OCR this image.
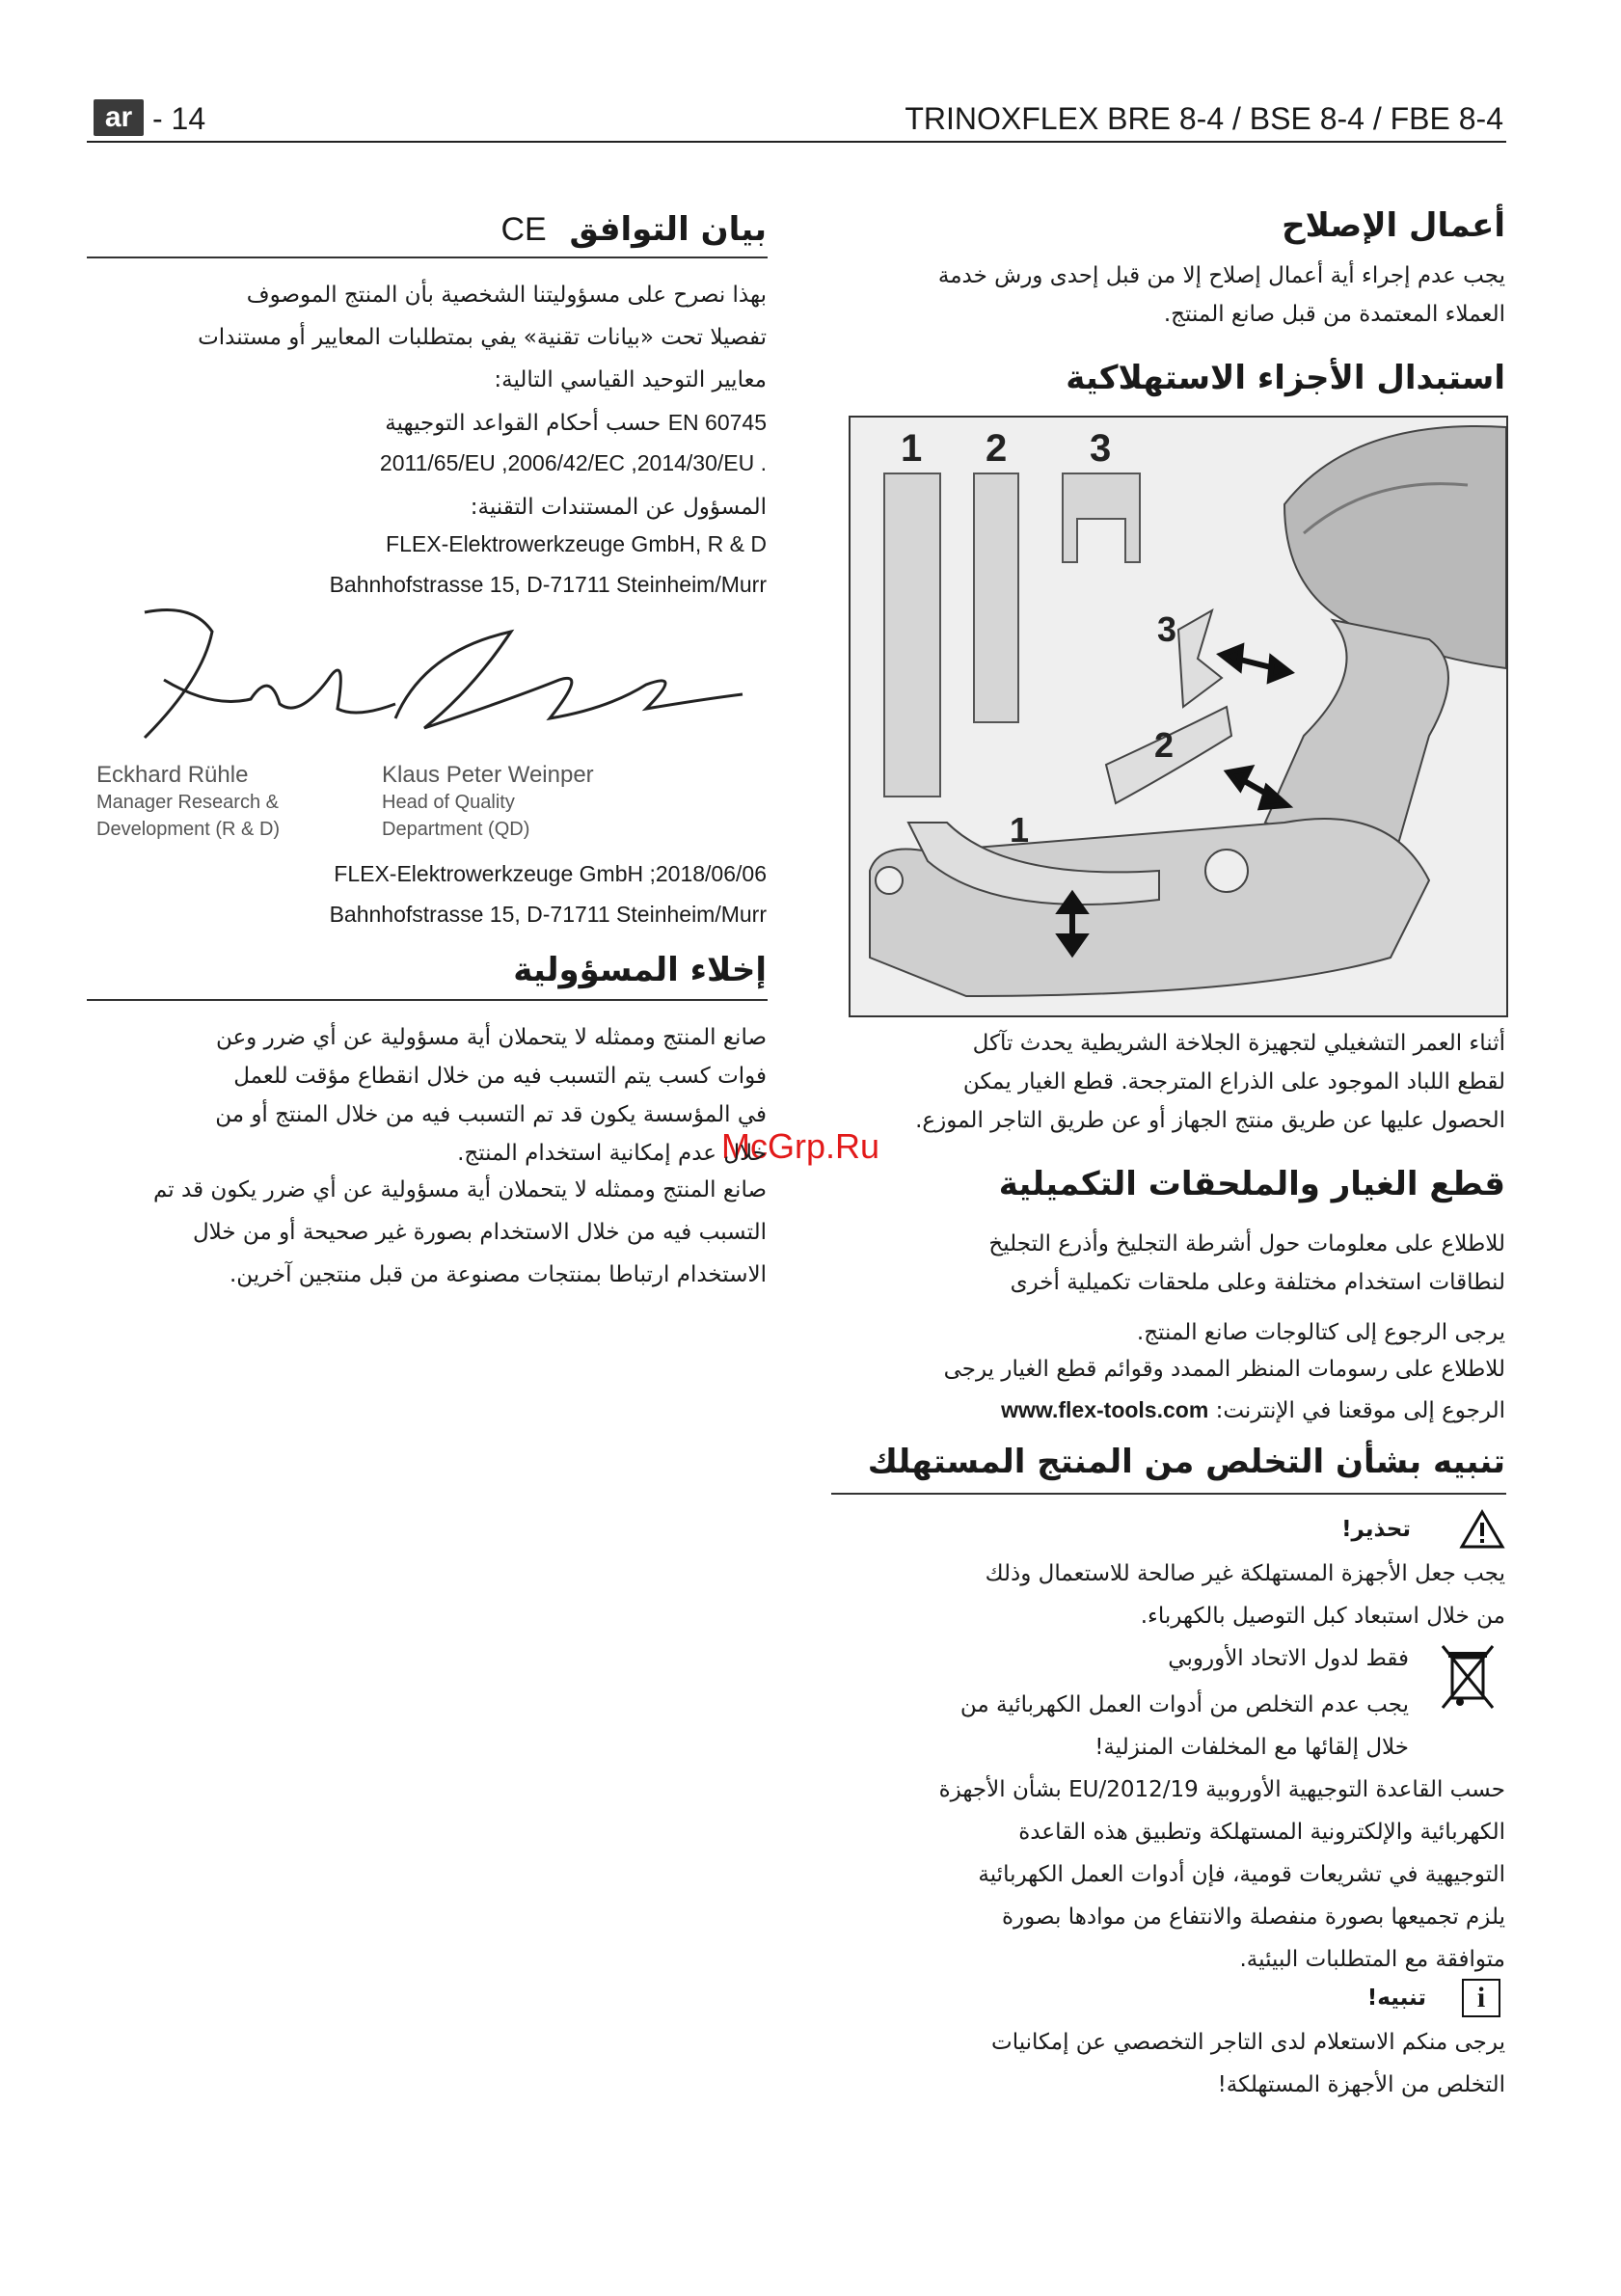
ar - 14	TRINOXFLEX BRE 8-4 / BSE 8-4 / FBE 8-4
أعمال الإصلاح
يجب عدم إجراء أية أعمال إصلاح إلا من قبل إحدى ورش خدمة
العملاء المعتمدة من قبل صانع المنتج.
استبدال الأجزاء الاستهلاكية
1 2 3
3
2
1
أثناء العمر التشغيلي لتجهيزة الجلاخة الشريطية يحدث تآكل
لقطع اللباد الموجود على الذراع المترجحة. قطع الغيار يمكن
الحصول عليها عن طريق منتج الجهاز أو عن طريق التاجر الموزع.
McGrp.Ru
قطع الغيار والملحقات التكميلية
للاطلاع على معلومات حول أشرطة التجليخ وأذرع التجليخ
لنطاقات استخدام مختلفة وعلى ملحقات تكميلية أخرى
يرجى الرجوع إلى كتالوجات صانع المنتج.
للاطلاع على رسومات المنظر الممدد وقوائم قطع الغيار يرجى
الرجوع إلى موقعنا في الإنترنت: www.flex-tools.com
تنبيه بشأن التخلص من المنتج المستهلك
تحذير!
يجب جعل الأجهزة المستهلكة غير صالحة للاستعمال وذلك
من خلال استبعاد كبل التوصيل بالكهرباء.
فقط لدول الاتحاد الأوروبي
يجب عدم التخلص من أدوات العمل الكهربائية من
خلال إلقائها مع المخلفات المنزلية!
حسب القاعدة التوجيهية الأوروبية 2012/19/EU بشأن الأجهزة
الكهربائية والإلكترونية المستهلكة وتطبيق هذه القاعدة
التوجيهية في تشريعات قومية، فإن أدوات العمل الكهربائية
يلزم تجميعها بصورة منفصلة والانتفاع من موادها بصورة
متوافقة مع المتطلبات البيئية.
i
تنبيه!
يرجى منكم الاستعلام لدى التاجر التخصصي عن إمكانيات
التخلص من الأجهزة المستهلكة!
بيان التوافق CE
بهذا نصرح على مسؤوليتنا الشخصية بأن المنتج الموصوف
تفصيلا تحت «بيانات تقنية» يفي بمتطلبات المعايير أو مستندات
معايير التوحيد القياسي التالية:
EN 60745 حسب أحكام القواعد التوجيهية
2011/65/EU ,2006/42/EC ,2014/30/EU .
المسؤول عن المستندات التقنية:
FLEX-Elektrowerkzeuge GmbH, R & D
Bahnhofstrasse 15, D-71711 Steinheim/Murr
Eckhard Rühle
Manager Research &
Development (R & D)
Klaus Peter Weinper
Head of Quality
Department (QD)
FLEX-Elektrowerkzeuge GmbH ;2018/06/06
Bahnhofstrasse 15, D-71711 Steinheim/Murr
إخلاء المسؤولية
صانع المنتج وممثله لا يتحملان أية مسؤولية عن أي ضرر وعن
فوات كسب يتم التسبب فيه من خلال انقطاع مؤقت للعمل
في المؤسسة يكون قد تم التسبب فيه من خلال المنتج أو من
خلال عدم إمكانية استخدام المنتج.
صانع المنتج وممثله لا يتحملان أية مسؤولية عن أي ضرر يكون قد تم
التسبب فيه من خلال الاستخدام بصورة غير صحيحة أو من خلال
الاستخدام ارتباطا بمنتجات مصنوعة من قبل منتجين آخرين.
